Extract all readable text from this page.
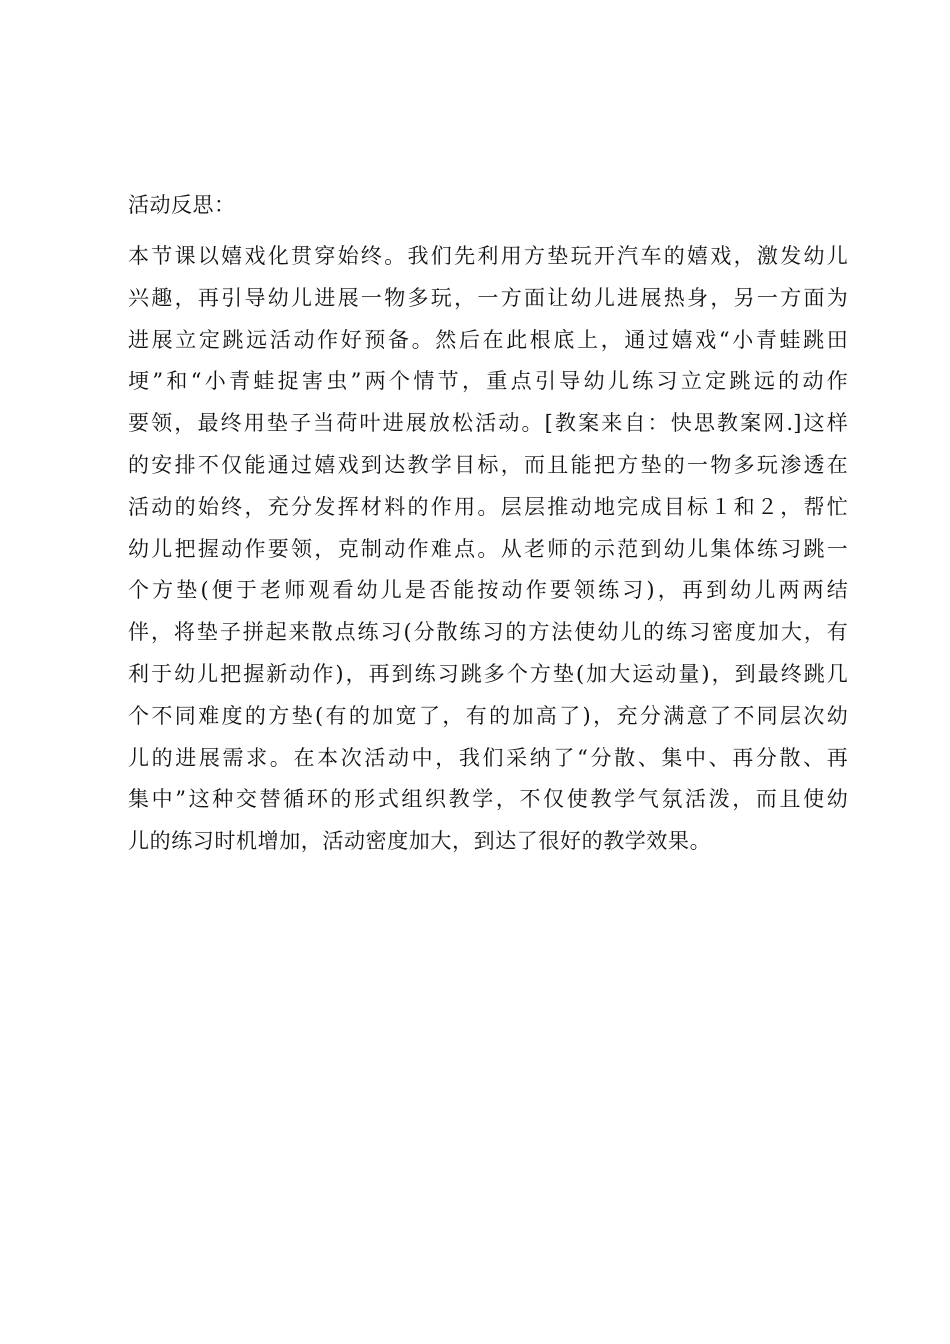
活动反思：
本节课以嬉戏化贯穿始终。我们先利用方垫玩开汽车的嬉戏，激发幼儿
兴趣，再引导幼儿进展一物多玩，一方面让幼儿进展热身，另一方面为
进展立定跳远活动作好预备。然后在此根底上，通过嬉戏“小青蛙跳田
埂”和“小青蛙捉害虫”两个情节，重点引导幼儿练习立定跳远的动作
要领，最终用垫子当荷叶进展放松活动。[教案来自：快思教案网.]这样
的安排不仅能通过嬉戏到达教学目标，而且能把方垫的一物多玩渗透在
活动的始终，充分发挥材料的作用。层层推动地完成目标１和２，帮忙
幼儿把握动作要领，克制动作难点。从老师的示范到幼儿集体练习跳一
个方垫(便于老师观看幼儿是否能按动作要领练习)，再到幼儿两两结
伴，将垫子拼起来散点练习(分散练习的方法使幼儿的练习密度加大，有
利于幼儿把握新动作)，再到练习跳多个方垫(加大运动量)，到最终跳几
个不同难度的方垫(有的加宽了，有的加高了)，充分满意了不同层次幼
儿的进展需求。在本次活动中，我们采纳了“分散、集中、再分散、再
集中”这种交替循环的形式组织教学，不仅使教学气氛活泼，而且使幼
儿的练习时机增加，活动密度加大，到达了很好的教学效果。
